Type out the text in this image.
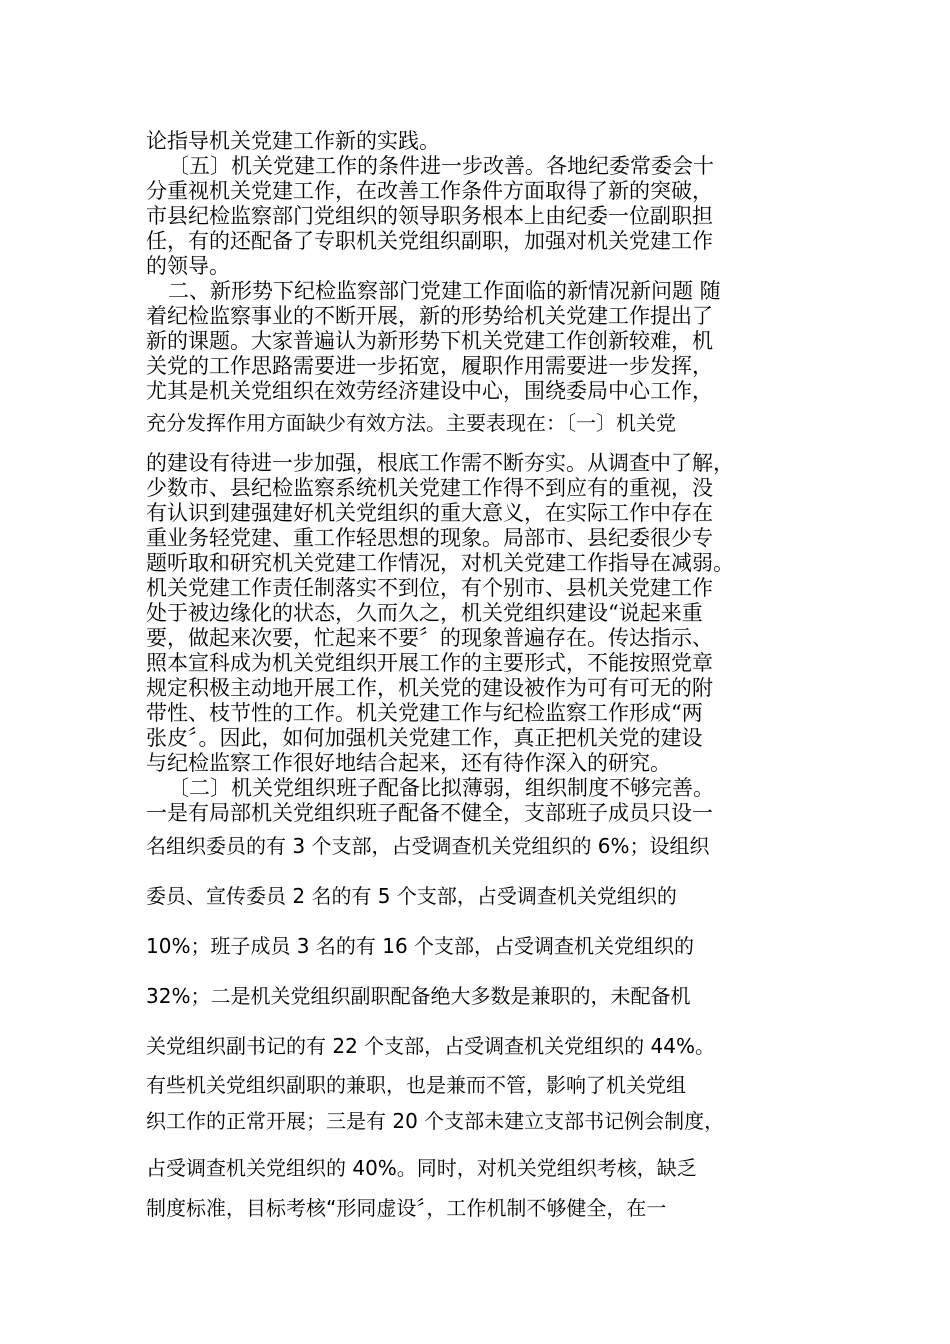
论指导机关党建工作新的实践。
〔五〕机关党建工作的条件进一步改善。各地纪委常委会十
分重视机关党建工作，在改善工作条件方面取得了新的突破，
市县纪检监察部门党组织的领导职务根本上由纪委一位副职担
任，有的还配备了专职机关党组织副职，加强对机关党建工作
的领导。
二、新形势下纪检监察部门党建工作面临的新情况新问题 随
着纪检监察事业的不断开展，新的形势给机关党建工作提出了
新的课题。大家普遍认为新形势下机关党建工作创新较难，机
关党的工作思路需要进一步拓宽，履职作用需要进一步发挥，
尤其是机关党组织在效劳经济建设中心，围绕委局中心工作，
充分发挥作用方面缺少有效方法。主要表现在：〔一〕机关党
的建设有待进一步加强，根底工作需不断夯实。从调查中了解，
少数市、县纪检监察系统机关党建工作得不到应有的重视，没
有认识到建强建好机关党组织的重大意义，在实际工作中存在
重业务轻党建、重工作轻思想的现象。局部市、县纪委很少专
题听取和研究机关党建工作情况，对机关党建工作指导在减弱。
机关党建工作责任制落实不到位，有个别市、县机关党建工作
处于被边缘化的状态，久而久之，机关党组织建设“说起来重
要，做起来次要，忙起来不要〞的现象普遍存在。传达指示、
照本宣科成为机关党组织开展工作的主要形式，不能按照党章
规定积极主动地开展工作，机关党的建设被作为可有可无的附
带性、枝节性的工作。机关党建工作与纪检监察工作形成“两
张皮〞。因此，如何加强机关党建工作，真正把机关党的建设
与纪检监察工作很好地结合起来，还有待作深入的研究。
〔二〕机关党组织班子配备比拟薄弱，组织制度不够完善。
一是有局部机关党组织班子配备不健全，支部班子成员只设一
名组织委员的有 3 个支部，占受调查机关党组织的 6%；设组织
委员、宣传委员 2 名的有 5 个支部，占受调查机关党组织的
10%；班子成员 3 名的有 16 个支部，占受调查机关党组织的
32%；二是机关党组织副职配备绝大多数是兼职的，未配备机
关党组织副书记的有 22 个支部，占受调查机关党组织的 44%。
有些机关党组织副职的兼职，也是兼而不管，影响了机关党组
织工作的正常开展；三是有 20 个支部未建立支部书记例会制度，
占受调查机关党组织的 40%。同时，对机关党组织考核，缺乏
制度标准，目标考核“形同虚设〞，工作机制不够健全，在一
